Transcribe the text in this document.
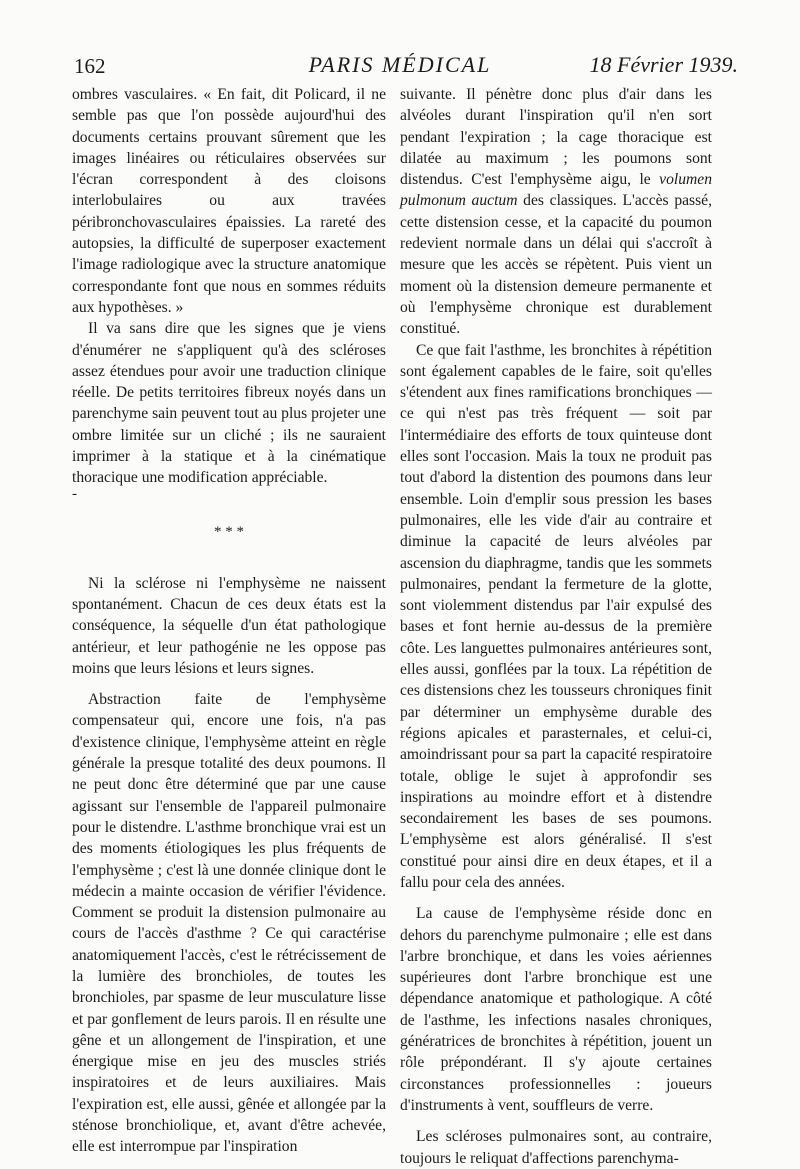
162	PARIS MÉDICAL	18 Février 1939.

ombres vasculaires. « En fait, dit Policard, il ne semble pas que l'on possède aujourd'hui des documents certains prouvant sûrement que les images linéaires ou réticulaires observées sur l'écran correspondent à des cloisons interlobulaires ou aux travées péribronchovasculaires épaissies. La rareté des autopsies, la difficulté de superposer exactement l'image radiologique avec la structure anatomique correspondante font que nous en sommes réduits aux hypothèses. »

Il va sans dire que les signes que je viens d'énumérer ne s'appliquent qu'à des scléroses assez étendues pour avoir une traduction clinique réelle. De petits territoires fibreux noyés dans un parenchyme sain peuvent tout au plus projeter une ombre limitée sur un cliché ; ils ne sauraient imprimer à la statique et à la cinématique thoracique une modification appréciable.

-
* * *

Ni la sclérose ni l'emphysème ne naissent spontanément. Chacun de ces deux états est la conséquence, la séquelle d'un état pathologique antérieur, et leur pathogénie ne les oppose pas moins que leurs lésions et leurs signes.

Abstraction faite de l'emphysème compensateur qui, encore une fois, n'a pas d'existence clinique, l'emphysème atteint en règle générale la presque totalité des deux poumons. Il ne peut donc être déterminé que par une cause agissant sur l'ensemble de l'appareil pulmonaire pour le distendre. L'asthme bronchique vrai est un des moments étiologiques les plus fréquents de l'emphysème ; c'est là une donnée clinique dont le médecin a mainte occasion de vérifier l'évidence. Comment se produit la distension pulmonaire au cours de l'accès d'asthme ? Ce qui caractérise anatomiquement l'accès, c'est le rétrécissement de la lumière des bronchioles, de toutes les bronchioles, par spasme de leur musculature lisse et par gonflement de leurs parois. Il en résulte une gêne et un allongement de l'inspiration, et une énergique mise en jeu des muscles striés inspiratoires et de leurs auxiliaires. Mais l'expiration est, elle aussi, gênée et allongée par la sténose bronchiolique, et, avant d'être achevée, elle est interrompue par l'inspiration

suivante. Il pénètre donc plus d'air dans les alvéoles durant l'inspiration qu'il n'en sort pendant l'expiration ; la cage thoracique est dilatée au maximum ; les poumons sont distendus. C'est l'emphysème aigu, le volumen pulmonum auctum des classiques. L'accès passé, cette distension cesse, et la capacité du poumon redevient normale dans un délai qui s'accroît à mesure que les accès se répètent. Puis vient un moment où la distension demeure permanente et où l'emphysème chronique est durablement constitué.

Ce que fait l'asthme, les bronchites à répétition sont également capables de le faire, soit qu'elles s'étendent aux fines ramifications bronchiques — ce qui n'est pas très fréquent — soit par l'intermédiaire des efforts de toux quinteuse dont elles sont l'occasion. Mais la toux ne produit pas tout d'abord la distention des poumons dans leur ensemble. Loin d'emplir sous pression les bases pulmonaires, elle les vide d'air au contraire et diminue la capacité de leurs alvéoles par ascension du diaphragme, tandis que les sommets pulmonaires, pendant la fermeture de la glotte, sont violemment distendus par l'air expulsé des bases et font hernie au-dessus de la première côte. Les languettes pulmonaires antérieures sont, elles aussi, gonflées par la toux. La répétition de ces distensions chez les tousseurs chroniques finit par déterminer un emphysème durable des régions apicales et parasternales, et celui-ci, amoindrissant pour sa part la capacité respiratoire totale, oblige le sujet à approfondir ses inspirations au moindre effort et à distendre secondairement les bases de ses poumons. L'emphysème est alors généralisé. Il s'est constitué pour ainsi dire en deux étapes, et il a fallu pour cela des années.

La cause de l'emphysème réside donc en dehors du parenchyme pulmonaire ; elle est dans l'arbre bronchique, et dans les voies aériennes supérieures dont l'arbre bronchique est une dépendance anatomique et pathologique. A côté de l'asthme, les infections nasales chroniques, génératrices de bronchites à répétition, jouent un rôle prépondérant. Il s'y ajoute certaines circonstances professionnelles : joueurs d'instruments à vent, souffleurs de verre.

Les scléroses pulmonaires sont, au contraire, toujours le reliquat d'affections parenchyma-
